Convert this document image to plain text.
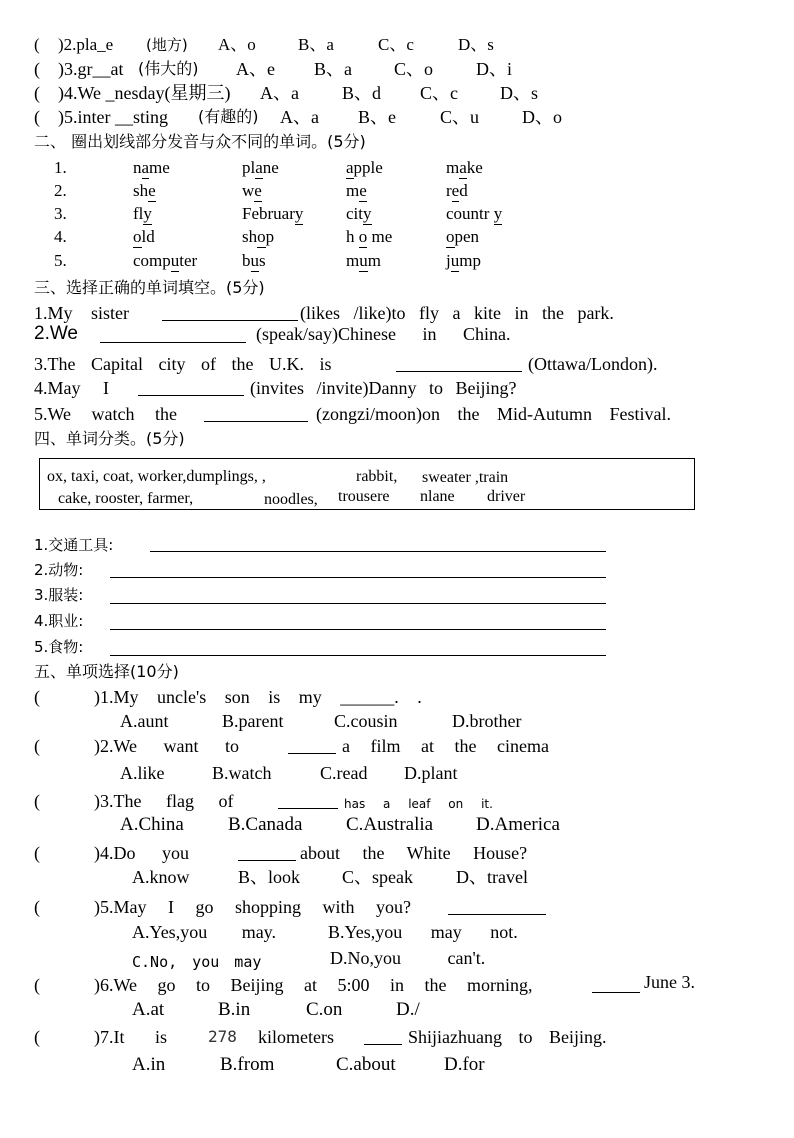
( )2.pla_e (地方) A、o B、a	C、c	D、s
( )3.gr__at (伟大的) A、e B、a C、o D、i
( )4.We _nesday(星期三) A、a B、d C、c D、s
( )5.inter __sting (有趣的) A、a B、e C、u D、o
二、 圈出划线部分发音与众不同的单词。(5分)
1.	name	plane	apple	make
2.	she	we	me	red
3.	fly	February	city	countr y
4.	old	shop	h o me	open
5.	computer	bus	mum	jump
三、选择正确的单词填空。(5分)
1.My sister	(likes /like)to fly a kite in the park.
2.We	(speak/say)Chinese in China.
3.The Capital city of the U.K. is	(Ottawa/London).
4.May I	(invites /invite)Danny to Beijing?
5.We watch the	(zongzi/moon)on the Mid-Autumn Festival.
四、单词分类。(5分)
ox, taxi, coat, worker,dumplings, ,	rabbit, sweater ,train
cake, rooster, farmer,	noodles, trousere nlane driver
1.交通工具:
2.动物:
3.服装:
4.职业:
5.食物:
五、单项选择(10分)
(	)1.My uncle's son is my ______. .
A.aunt	B.parent	C.cousin	D.brother
(	)2.We want to	a film at the cinema
A.like	B.watch	C.read D.plant
(	)3.The flag of	has a leaf on it.
A.China B.Canada C.Australia D.America
(	)4.Do you	about the White House?
A.know	B、look C、speak D、travel
(	)5.May I go shopping with you?
A.Yes,you may.	B.Yes,you may not.
C.No, you may	D.No,you can't.
(	)6.We go to Beijing at 5:00 in the morning,	June 3.
A.at	B.in	C.on	D./
(	)7.It is	278 kilometers	Shijiazhuang to Beijing.
A.in	B.from	C.about	D.for
